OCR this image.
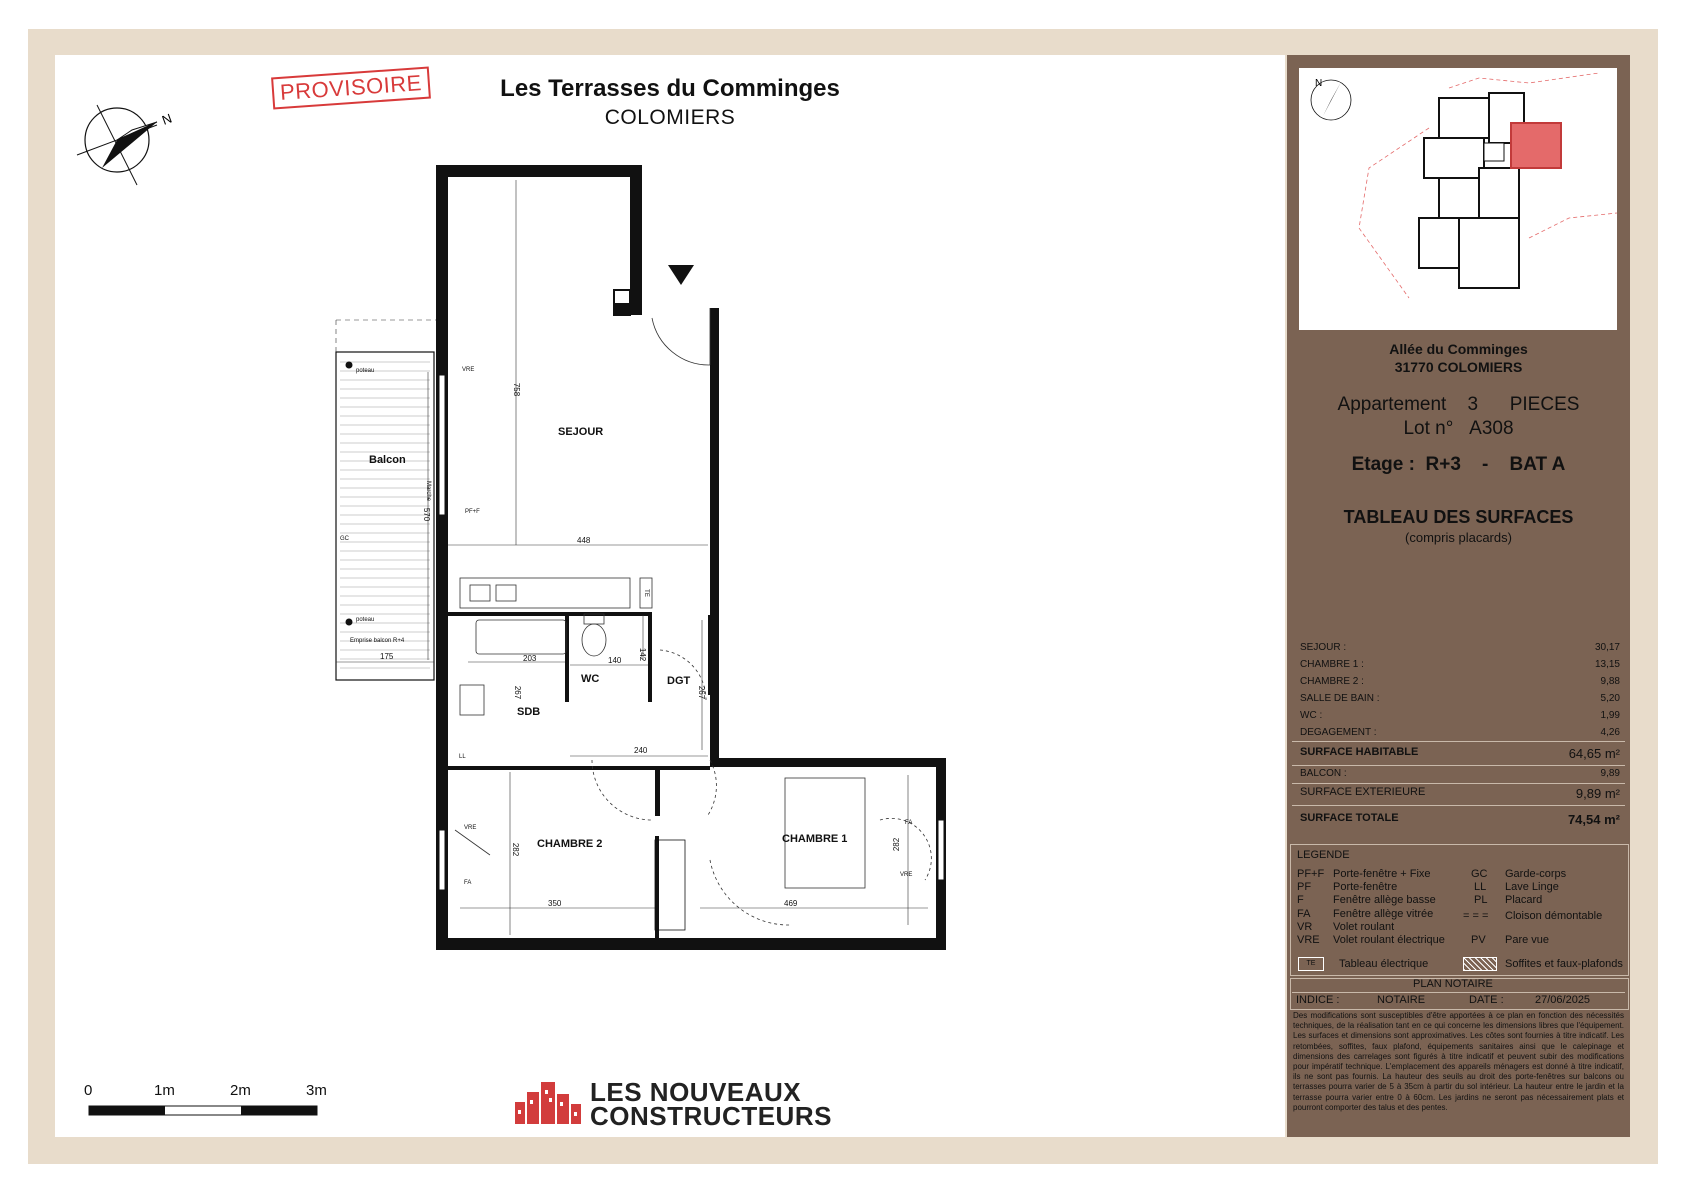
PROVISOIRE	Les Terrasses du Comminges
COLOMIERS
N
SEJOUR
Balcon
WC	DGT
SDB
CHAMBRE 2	CHAMBRE 1
758
570
448
175	203	140 142
267	267
240
282
350	469
282
poteau
poteau
Emprise balcon R+4
Marche
GC
VRE
PF+F
TE
LL
VRE
FA
FA
VRE
0	1m	2m	3m	LES NOUVEAUX
CONSTRUCTEURS
N
Allée du Comminges
31770 COLOMIERS
Appartement 3 PIECES
Lot n° A308
Etage : R+3 - BAT A
TABLEAU DES SURFACES
(compris placards)
SEJOUR :	30,17
CHAMBRE 1 :	13,15
CHAMBRE 2 :	9,88
SALLE DE BAIN :	5,20
WC :	1,99
DEGAGEMENT :	4,26
SURFACE HABITABLE	64,65 m²
BALCON :	9,89
SURFACE EXTERIEURE	9,89 m²
SURFACE TOTALE	74,54 m²
LEGENDE
PF+F Porte-fenêtre + Fixe
PF Porte-fenêtre
F	Fenêtre allège basse
FA Fenêtre allège vitrée
VR Volet roulant
VRE Volet roulant électrique
GC Garde-corps
LL Lave Linge
PL Placard
= = = Cloison démontable
PV Pare vue
TE	Tableau électrique	Soffites et faux-plafonds
PLAN NOTAIRE
INDICE :	NOTAIRE	DATE :	27/06/2025
Des modifications sont susceptibles d'être apportées à ce plan en fonction des nécessités techniques, de la réalisation tant en ce qui concerne les dimensions libres que l'équipement. Les surfaces et dimensions sont approximatives. Les côtes sont fournies à titre indicatif. Les retombées, soffites, faux plafond, équipements sanitaires ainsi que le calepinage et dimensions des carrelages sont figurés à titre indicatif et peuvent subir des modifications pour impératif technique. L'emplacement des appareils ménagers est donné à titre indicatif, ils ne sont pas fournis. La hauteur des seuils au droit des porte-fenêtres sur balcons ou terrasses pourra varier de 5 à 35cm à partir du sol intérieur. La hauteur entre le jardin et la terrasse pourra varier entre 0 à 60cm. Les jardins ne seront pas nécessairement plats et pourront comporter des talus et des pentes.
